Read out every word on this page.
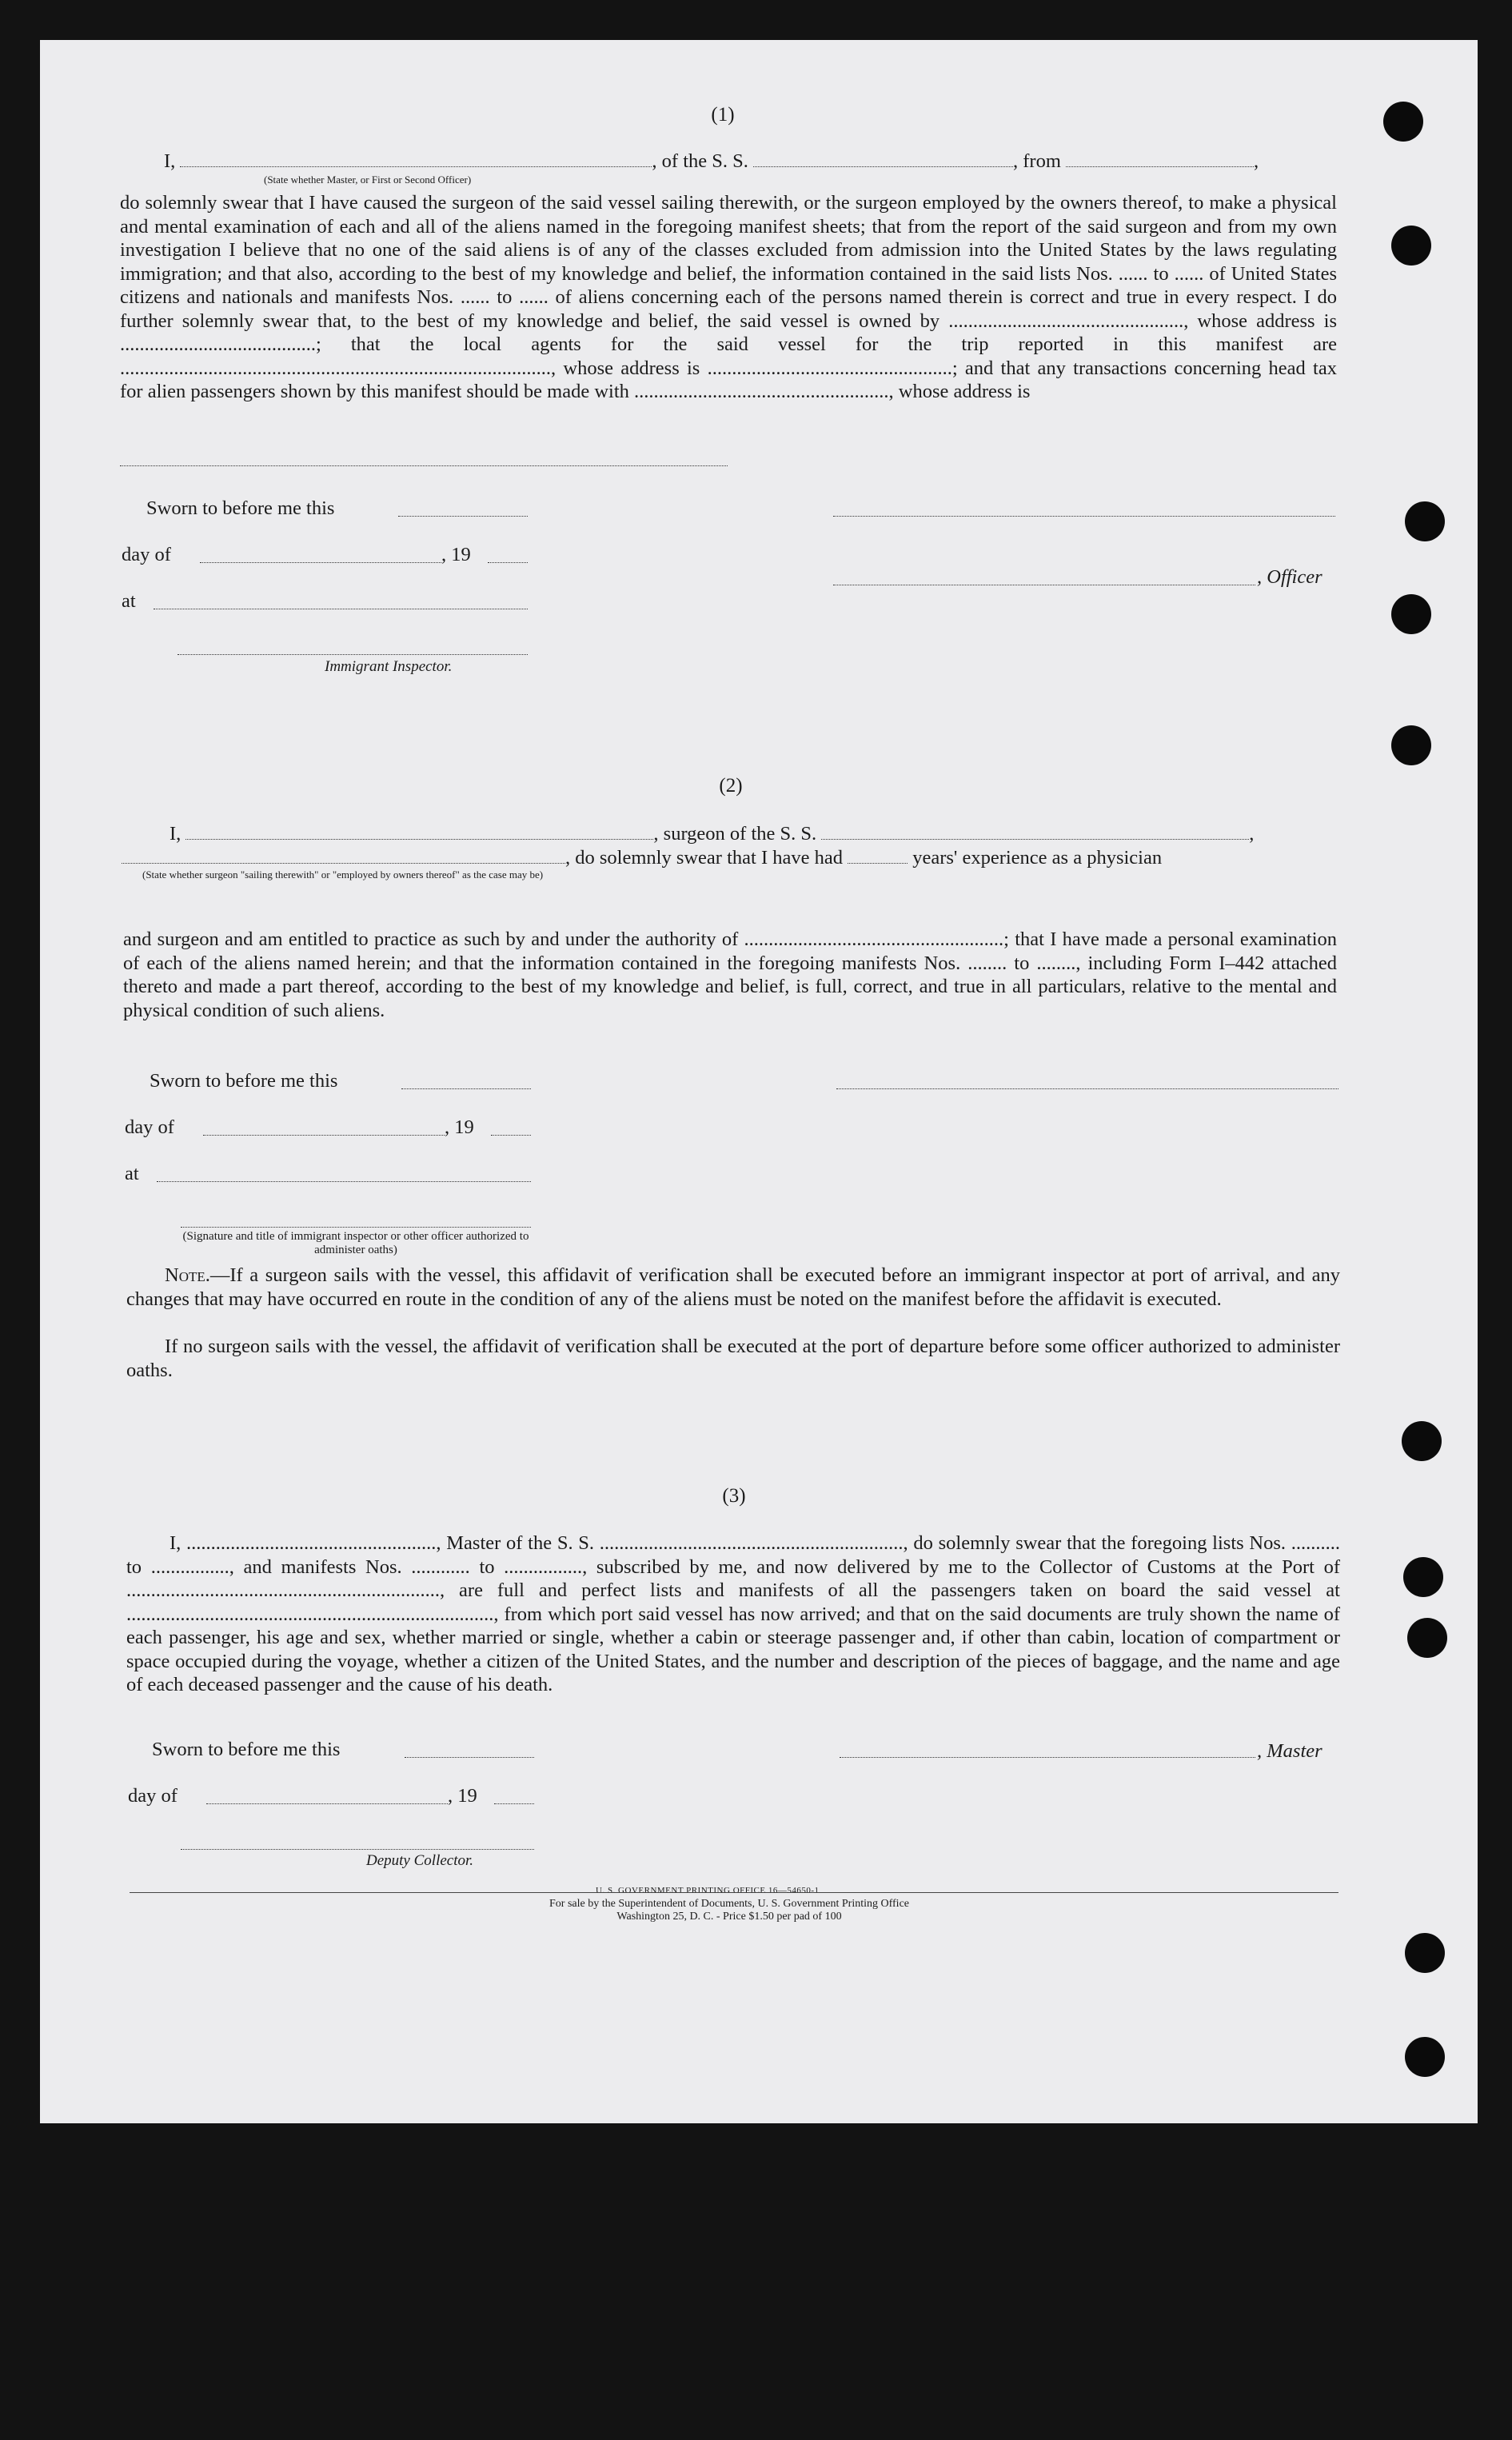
(1)
I,	, of the S. S.	, from	,
(State whether Master, or First or Second Officer)

do solemnly swear that I have caused the surgeon of the said vessel sailing therewith, or the surgeon employed by the owners thereof, to make a physical and mental examination of each and all of the aliens named in the foregoing manifest sheets; that from the report of the said surgeon and from my own investigation I believe that no one of the said aliens is of any of the classes excluded from admission into the United States by the laws regulating immigration; and that also, according to the best of my knowledge and belief, the information contained in the said lists Nos. ...... to ...... of United States citizens and nationals and manifests Nos. ...... to ...... of aliens concerning each of the persons named therein is correct and true in every respect. I do further solemnly swear that, to the best of my knowledge and belief, the said vessel is owned by ................................................, whose address is ........................................; that the local agents for the said vessel for the trip reported in this manifest are ........................................................................................, whose address is ..................................................; and that any transactions concerning head tax for alien passengers shown by this manifest should be made with ...................................................., whose address is

Sworn to before me this
day of	, 19
, Officer
at
Immigrant Inspector.
(2)
I,	, surgeon of the S. S.	,
, do solemnly swear that I have had	years' experience as a physician
(State whether surgeon "sailing therewith" or "employed by owners thereof" as the case may be)

and surgeon and am entitled to practice as such by and under the authority of .....................................................; that I have made a personal examination of each of the aliens named herein; and that the information contained in the foregoing manifests Nos. ........ to ........, including Form I–442 attached thereto and made a part thereof, according to the best of my knowledge and belief, is full, correct, and true in all particulars, relative to the mental and physical condition of such aliens.

Sworn to before me this
day of	, 19
at
(Signature and title of immigrant inspector or other officer authorized to administer oaths)

Note.—If a surgeon sails with the vessel, this affidavit of verification shall be executed before an immigrant inspector at port of arrival, and any changes that may have occurred en route in the condition of any of the aliens must be noted on the manifest before the affidavit is executed.

If no surgeon sails with the vessel, the affidavit of verification shall be executed at the port of departure before some officer authorized to administer oaths.

(3)

I, ..................................................., Master of the S. S. .............................................................., do solemnly swear that the foregoing lists Nos. .......... to ................, and manifests Nos. ............ to ................, subscribed by me, and now delivered by me to the Collector of Customs at the Port of ................................................................, are full and perfect lists and manifests of all the passengers taken on board the said vessel at ..........................................................................., from which port said vessel has now arrived; and that on the said documents are truly shown the name of each passenger, his age and sex, whether married or single, whether a cabin or steerage passenger and, if other than cabin, location of compartment or space occupied during the voyage, whether a citizen of the United States, and the number and description of the pieces of baggage, and the name and age of each deceased passenger and the cause of his death.

Sworn to before me this	, Master
day of	, 19
Deputy Collector.
U. S. GOVERNMENT PRINTING OFFICE 16—54650-1
For sale by the Superintendent of Documents, U. S. Government Printing Office
Washington 25, D. C. - Price $1.50 per pad of 100
